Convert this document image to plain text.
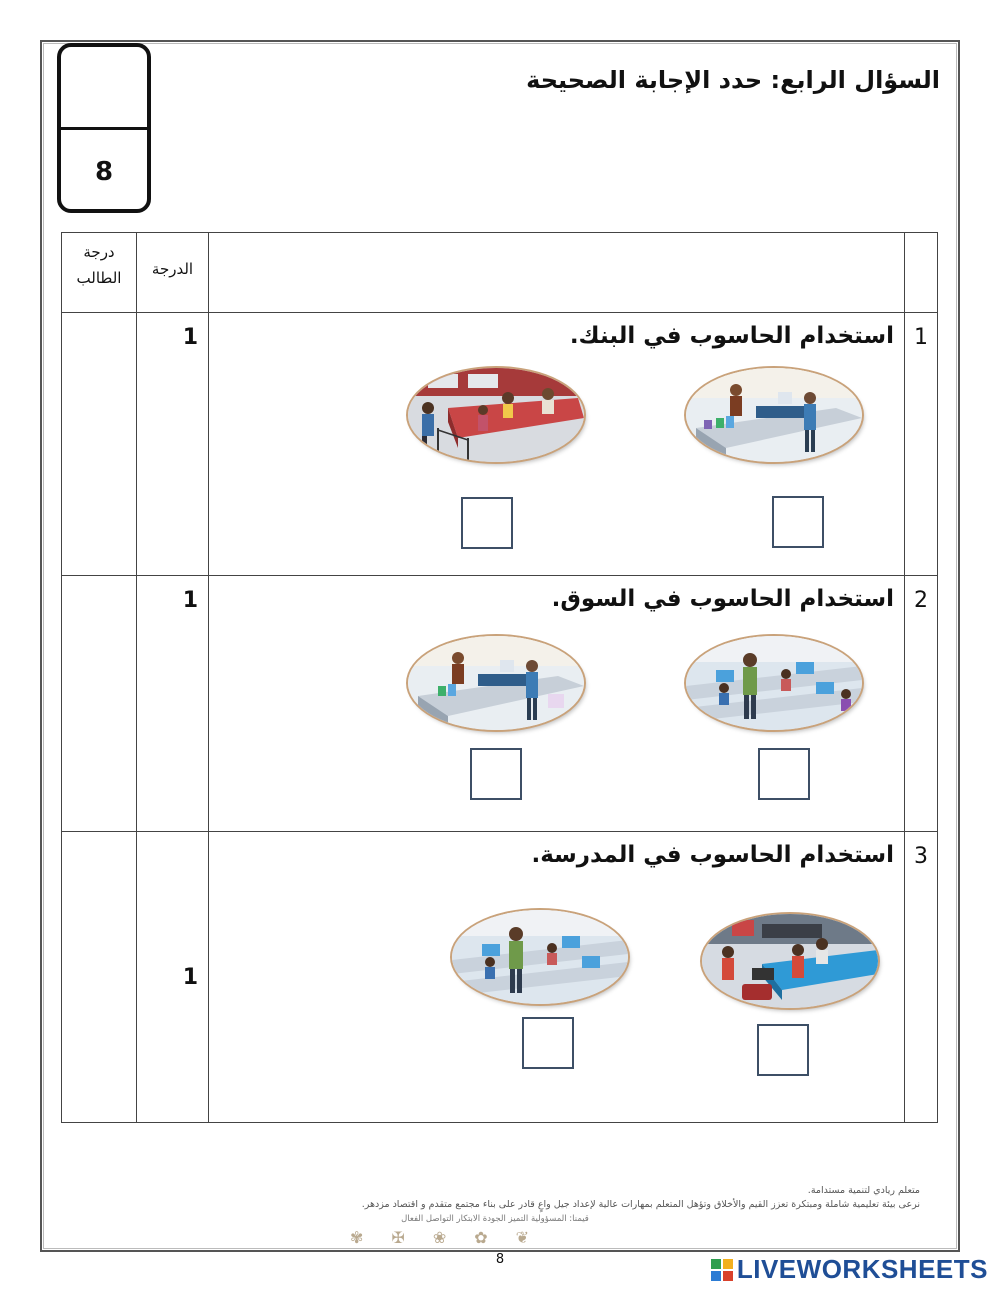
8
السؤال الرابع: حدد الإجابة الصحيحة
درجة الطالب	الدرجة		
	1	استخدام الحاسوب في البنك.	1
	1	استخدام الحاسوب في السوق.	2
	1	استخدام الحاسوب في المدرسة.	3
متعلم ريادي لتنمية مستدامة.
نرعى بيئة تعليمية شاملة ومبتكرة تعزز القيم والأخلاق وتؤهل المتعلم بمهارات عالية لإعداد جيل واعٍ قادر على بناء مجتمع متقدم و اقتصاد مزدهر.
قيمنا: المسؤولية التميز الجودة الابتكار التواصل الفعال
✾ ✠ ❀ ✿ ❦
8	LIVEWORKSHEETS
